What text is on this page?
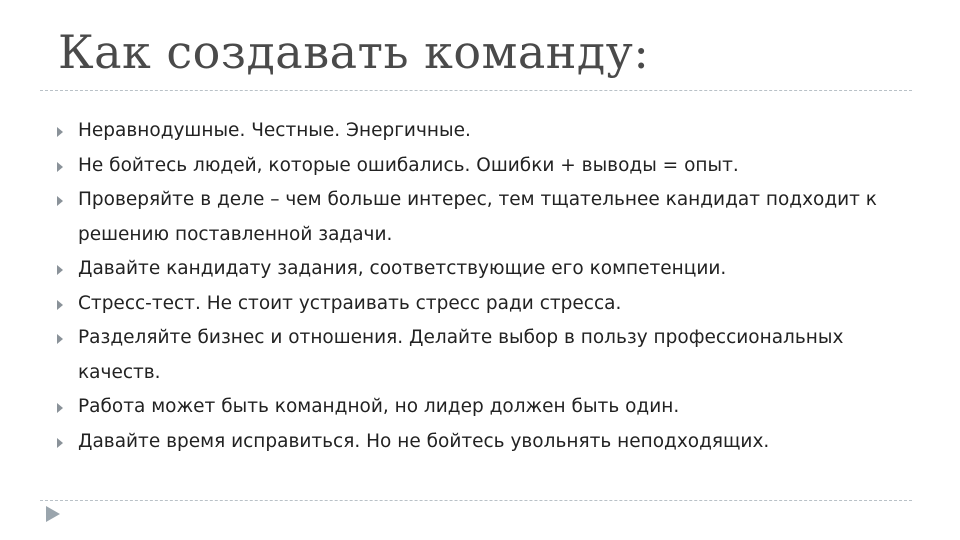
Как создавать команду:
Неравнодушные. Честные. Энергичные.
Не бойтесь людей, которые ошибались. Ошибки + выводы = опыт.
Проверяйте в деле – чем больше интерес, тем тщательнее кандидат подходит к решению поставленной задачи.
Давайте кандидату задания, соответствующие его компетенции.
Стресс-тест. Не стоит устраивать стресс ради стресса.
Разделяйте бизнес и отношения. Делайте выбор в пользу профессиональных качеств.
Работа может быть командной, но лидер должен быть один.
Давайте время исправиться. Но не бойтесь увольнять неподходящих.
